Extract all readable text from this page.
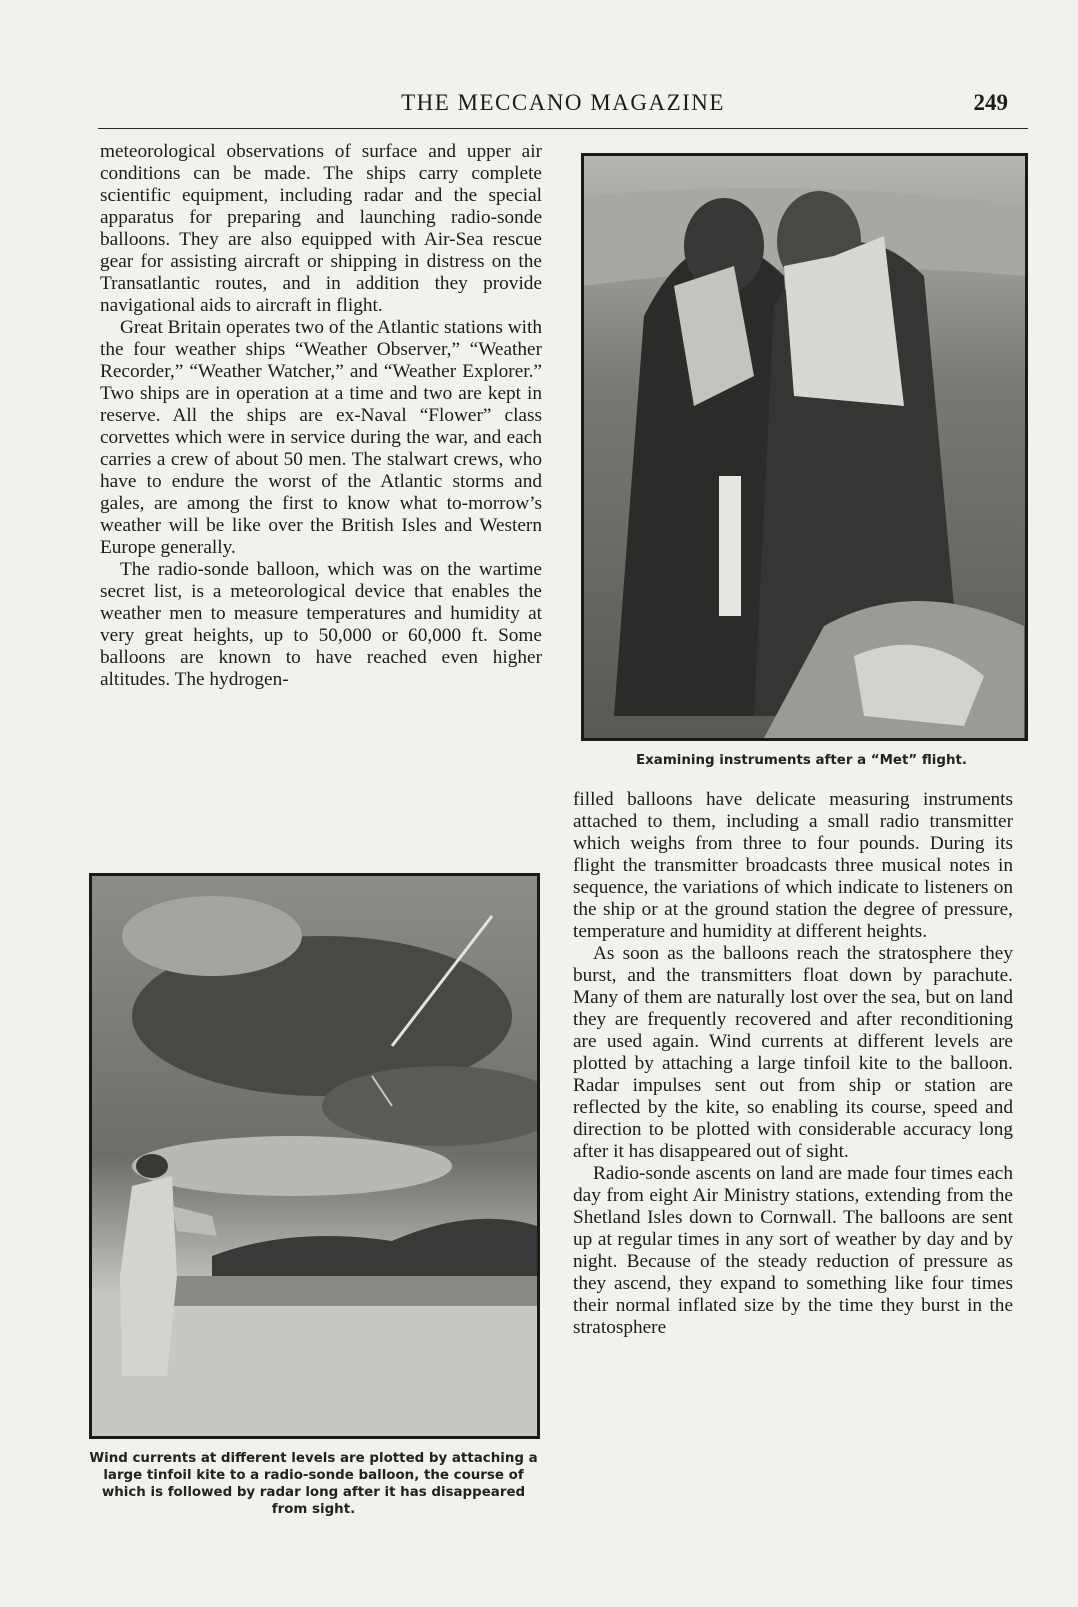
THE MECCANO MAGAZINE	249

meteorological observations of surface and upper air conditions can be made. The ships carry complete scientific equipment, including radar and the special apparatus for preparing and launching radio-sonde balloons. They are also equipped with Air-Sea rescue gear for assisting aircraft or shipping in distress on the Transatlantic routes, and in addition they provide navigational aids to aircraft in flight.

Great Britain operates two of the Atlantic stations with the four weather ships “Weather Observer,” “Weather Recorder,” “Weather Watcher,” and “Weather Explorer.” Two ships are in operation at a time and two are kept in reserve. All the ships are ex-Naval “Flower” class corvettes which were in service during the war, and each carries a crew of about 50 men. The stalwart crews, who have to endure the worst of the Atlantic storms and gales, are among the first to know what to-morrow’s weather will be like over the British Isles and Western Europe generally.

The radio-sonde balloon, which was on the wartime secret list, is a meteorological device that enables the weather men to measure temperatures and humidity at very great heights, up to 50,000 or 60,000 ft. Some balloons are known to have reached even higher altitudes. The hydrogen-

Examining instruments after a “Met” flight.

filled balloons have delicate measuring instruments attached to them, including a small radio transmitter which weighs from three to four pounds. During its flight the transmitter broadcasts three musical notes in sequence, the variations of which indicate to listeners on the ship or at the ground station the degree of pressure, temperature and humidity at different heights.

As soon as the balloons reach the stratosphere they burst, and the transmitters float down by parachute. Many of them are naturally lost over the sea, but on land they are frequently recovered and after reconditioning are used again. Wind currents at different levels are plotted by attaching a large tinfoil kite to the balloon. Radar impulses sent out from ship or station are reflected by the kite, so enabling its course, speed and direction to be plotted with considerable accuracy long after it has disappeared out of sight.

Radio-sonde ascents on land are made four times each day from eight Air Ministry stations, extending from the Shetland Isles down to Cornwall. The balloons are sent up at regular times in any sort of weather by day and by night. Because of the steady reduction of pressure as they ascend, they expand to something like four times their normal inflated size by the time they burst in the stratosphere

Wind currents at different levels are plotted by attaching a large tinfoil kite to a radio-sonde balloon, the course of which is followed by radar long after it has disappeared from sight.
